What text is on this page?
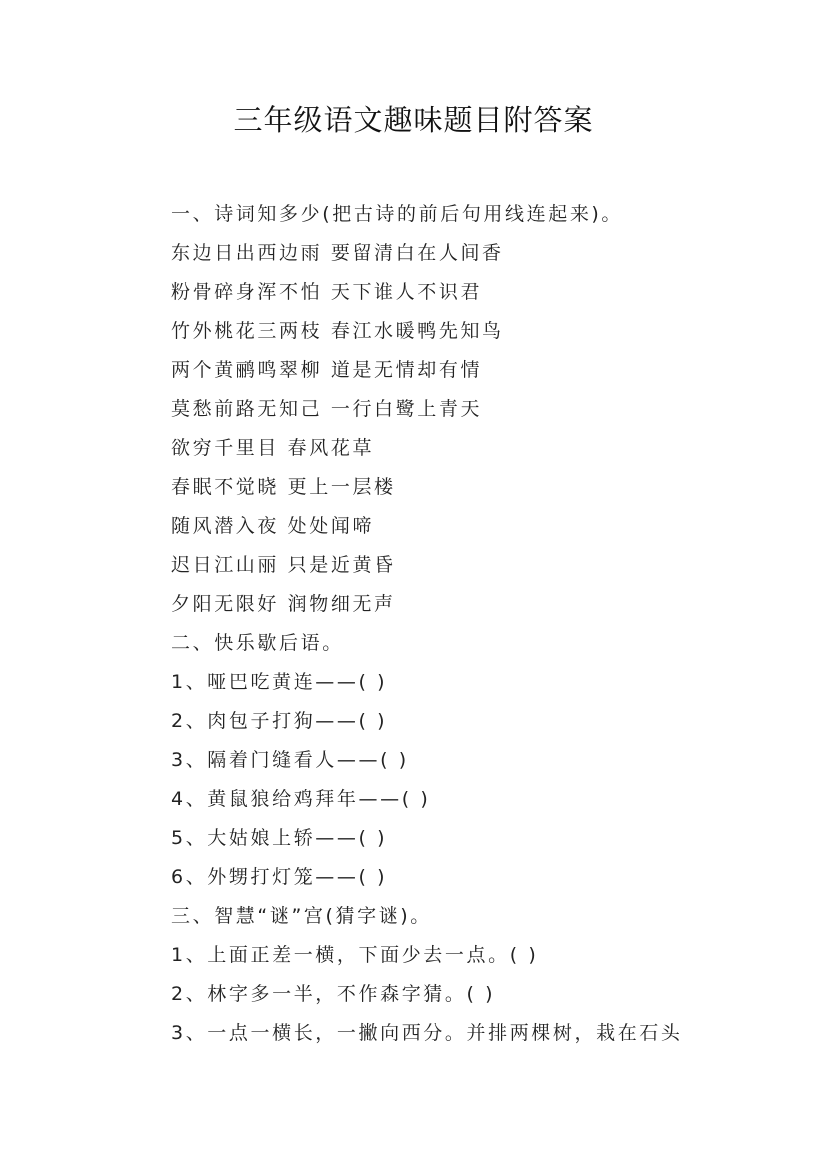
三年级语文趣味题目附答案
一、诗词知多少(把古诗的前后句用线连起来)。
东边日出西边雨 要留清白在人间香
粉骨碎身浑不怕 天下谁人不识君
竹外桃花三两枝 春江水暖鸭先知鸟
两个黄鹂鸣翠柳 道是无情却有情
莫愁前路无知己 一行白鹭上青天
欲穷千里目 春风花草
春眠不觉晓 更上一层楼
随风潜入夜 处处闻啼
迟日江山丽 只是近黄昏
夕阳无限好 润物细无声
二、快乐歇后语。
1、哑巴吃黄连——( )
2、肉包子打狗——( )
3、隔着门缝看人——( )
4、黄鼠狼给鸡拜年——( )
5、大姑娘上轿——( )
6、外甥打灯笼——( )
三、智慧“谜”宫(猜字谜)。
1、上面正差一横，下面少去一点。( )
2、林字多一半，不作森字猜。( )
3、一点一横长，一撇向西分。并排两棵树，栽在石头
